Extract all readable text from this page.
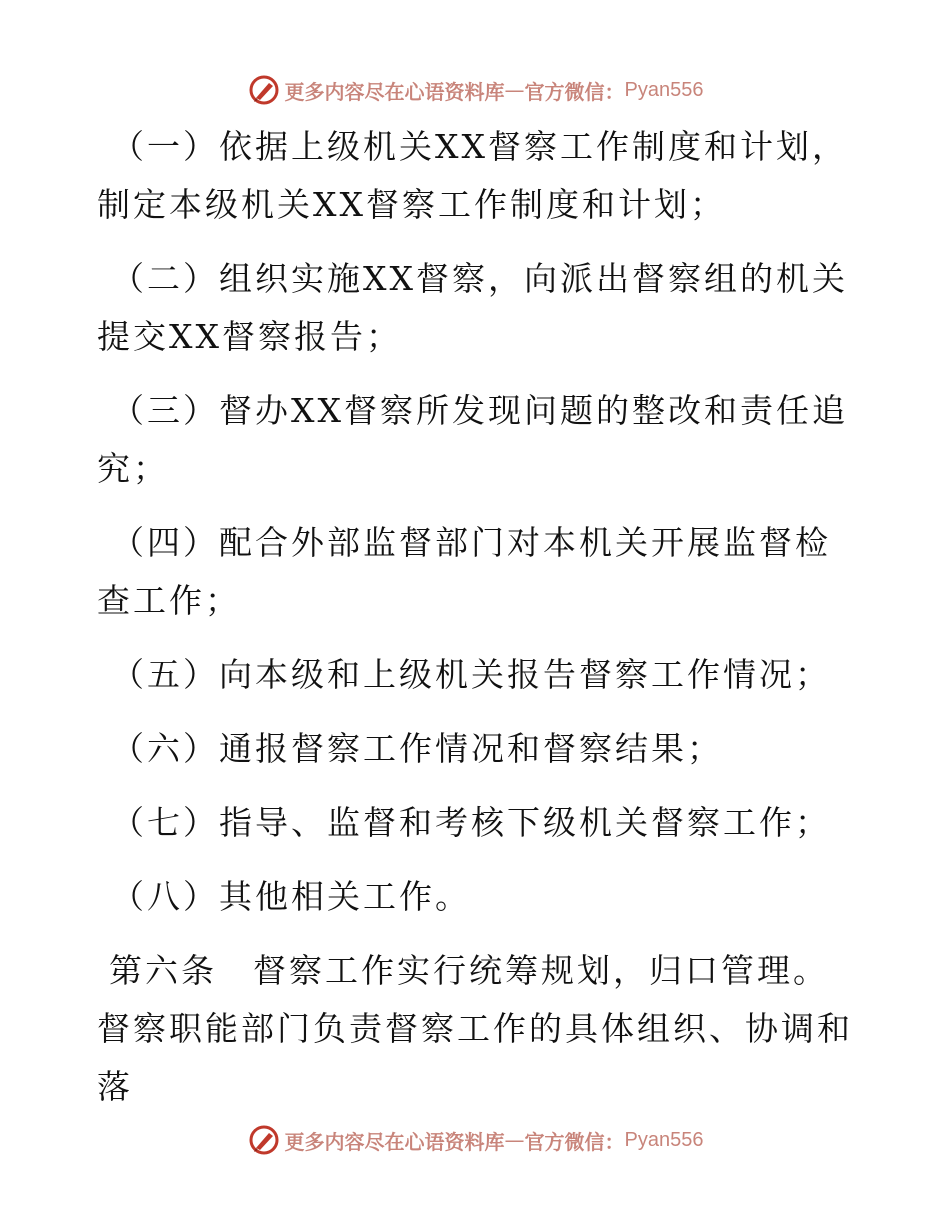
更多内容尽在心语资料库 — 官方微信： Pyan556

（一）依据上级机关XX督察工作制度和计划，制定本级机关XX督察工作制度和计划；

（二）组织实施XX督察，向派出督察组的机关提交XX督察报告；

（三）督办XX督察所发现问题的整改和责任追究；

（四）配合外部监督部门对本机关开展监督检查工作；

（五）向本级和上级机关报告督察工作情况；

（六）通报督察工作情况和督察结果；

（七）指导、监督和考核下级机关督察工作；

（八）其他相关工作。

第六条　督察工作实行统筹规划，归口管理。督察职能部门负责督察工作的具体组织、协调和落

更多内容尽在心语资料库 — 官方微信： Pyan556
